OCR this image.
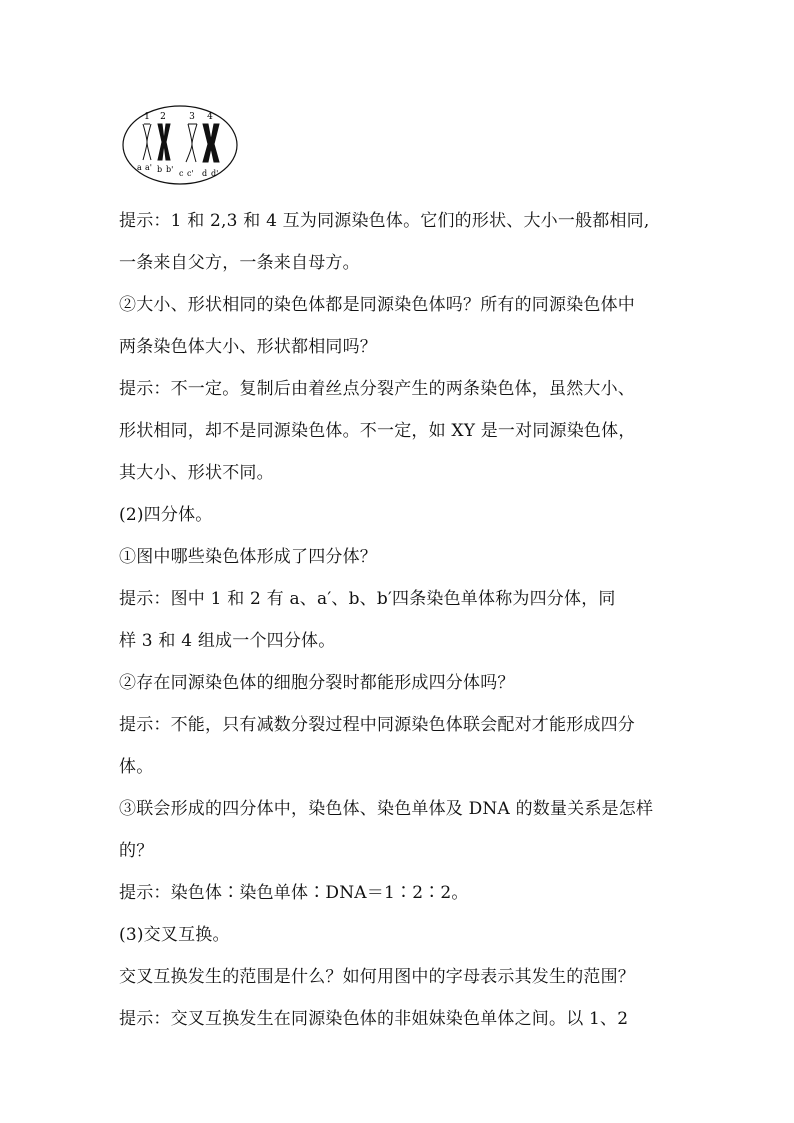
1 2	3 4
a a' b b' c c' d d'
提示：1 和 2,3 和 4 互为同源染色体。它们的形状、大小一般都相同,
一条来自父方，一条来自母方。
②大小、形状相同的染色体都是同源染色体吗？所有的同源染色体中
两条染色体大小、形状都相同吗？
提示：不一定。复制后由着丝点分裂产生的两条染色体，虽然大小、
形状相同，却不是同源染色体。不一定，如 XY 是一对同源染色体，
其大小、形状不同。
(2)四分体。
①图中哪些染色体形成了四分体？
提示：图中 1 和 2 有 a、a′、b、b′四条染色单体称为四分体，同
样 3 和 4 组成一个四分体。
②存在同源染色体的细胞分裂时都能形成四分体吗？
提示：不能，只有减数分裂过程中同源染色体联会配对才能形成四分
体。
③联会形成的四分体中，染色体、染色单体及 DNA 的数量关系是怎样
的？
提示：染色体∶染色单体∶DNA＝1∶2∶2。
(3)交叉互换。
交叉互换发生的范围是什么？如何用图中的字母表示其发生的范围？
提示：交叉互换发生在同源染色体的非姐妹染色单体之间。以 1、2
